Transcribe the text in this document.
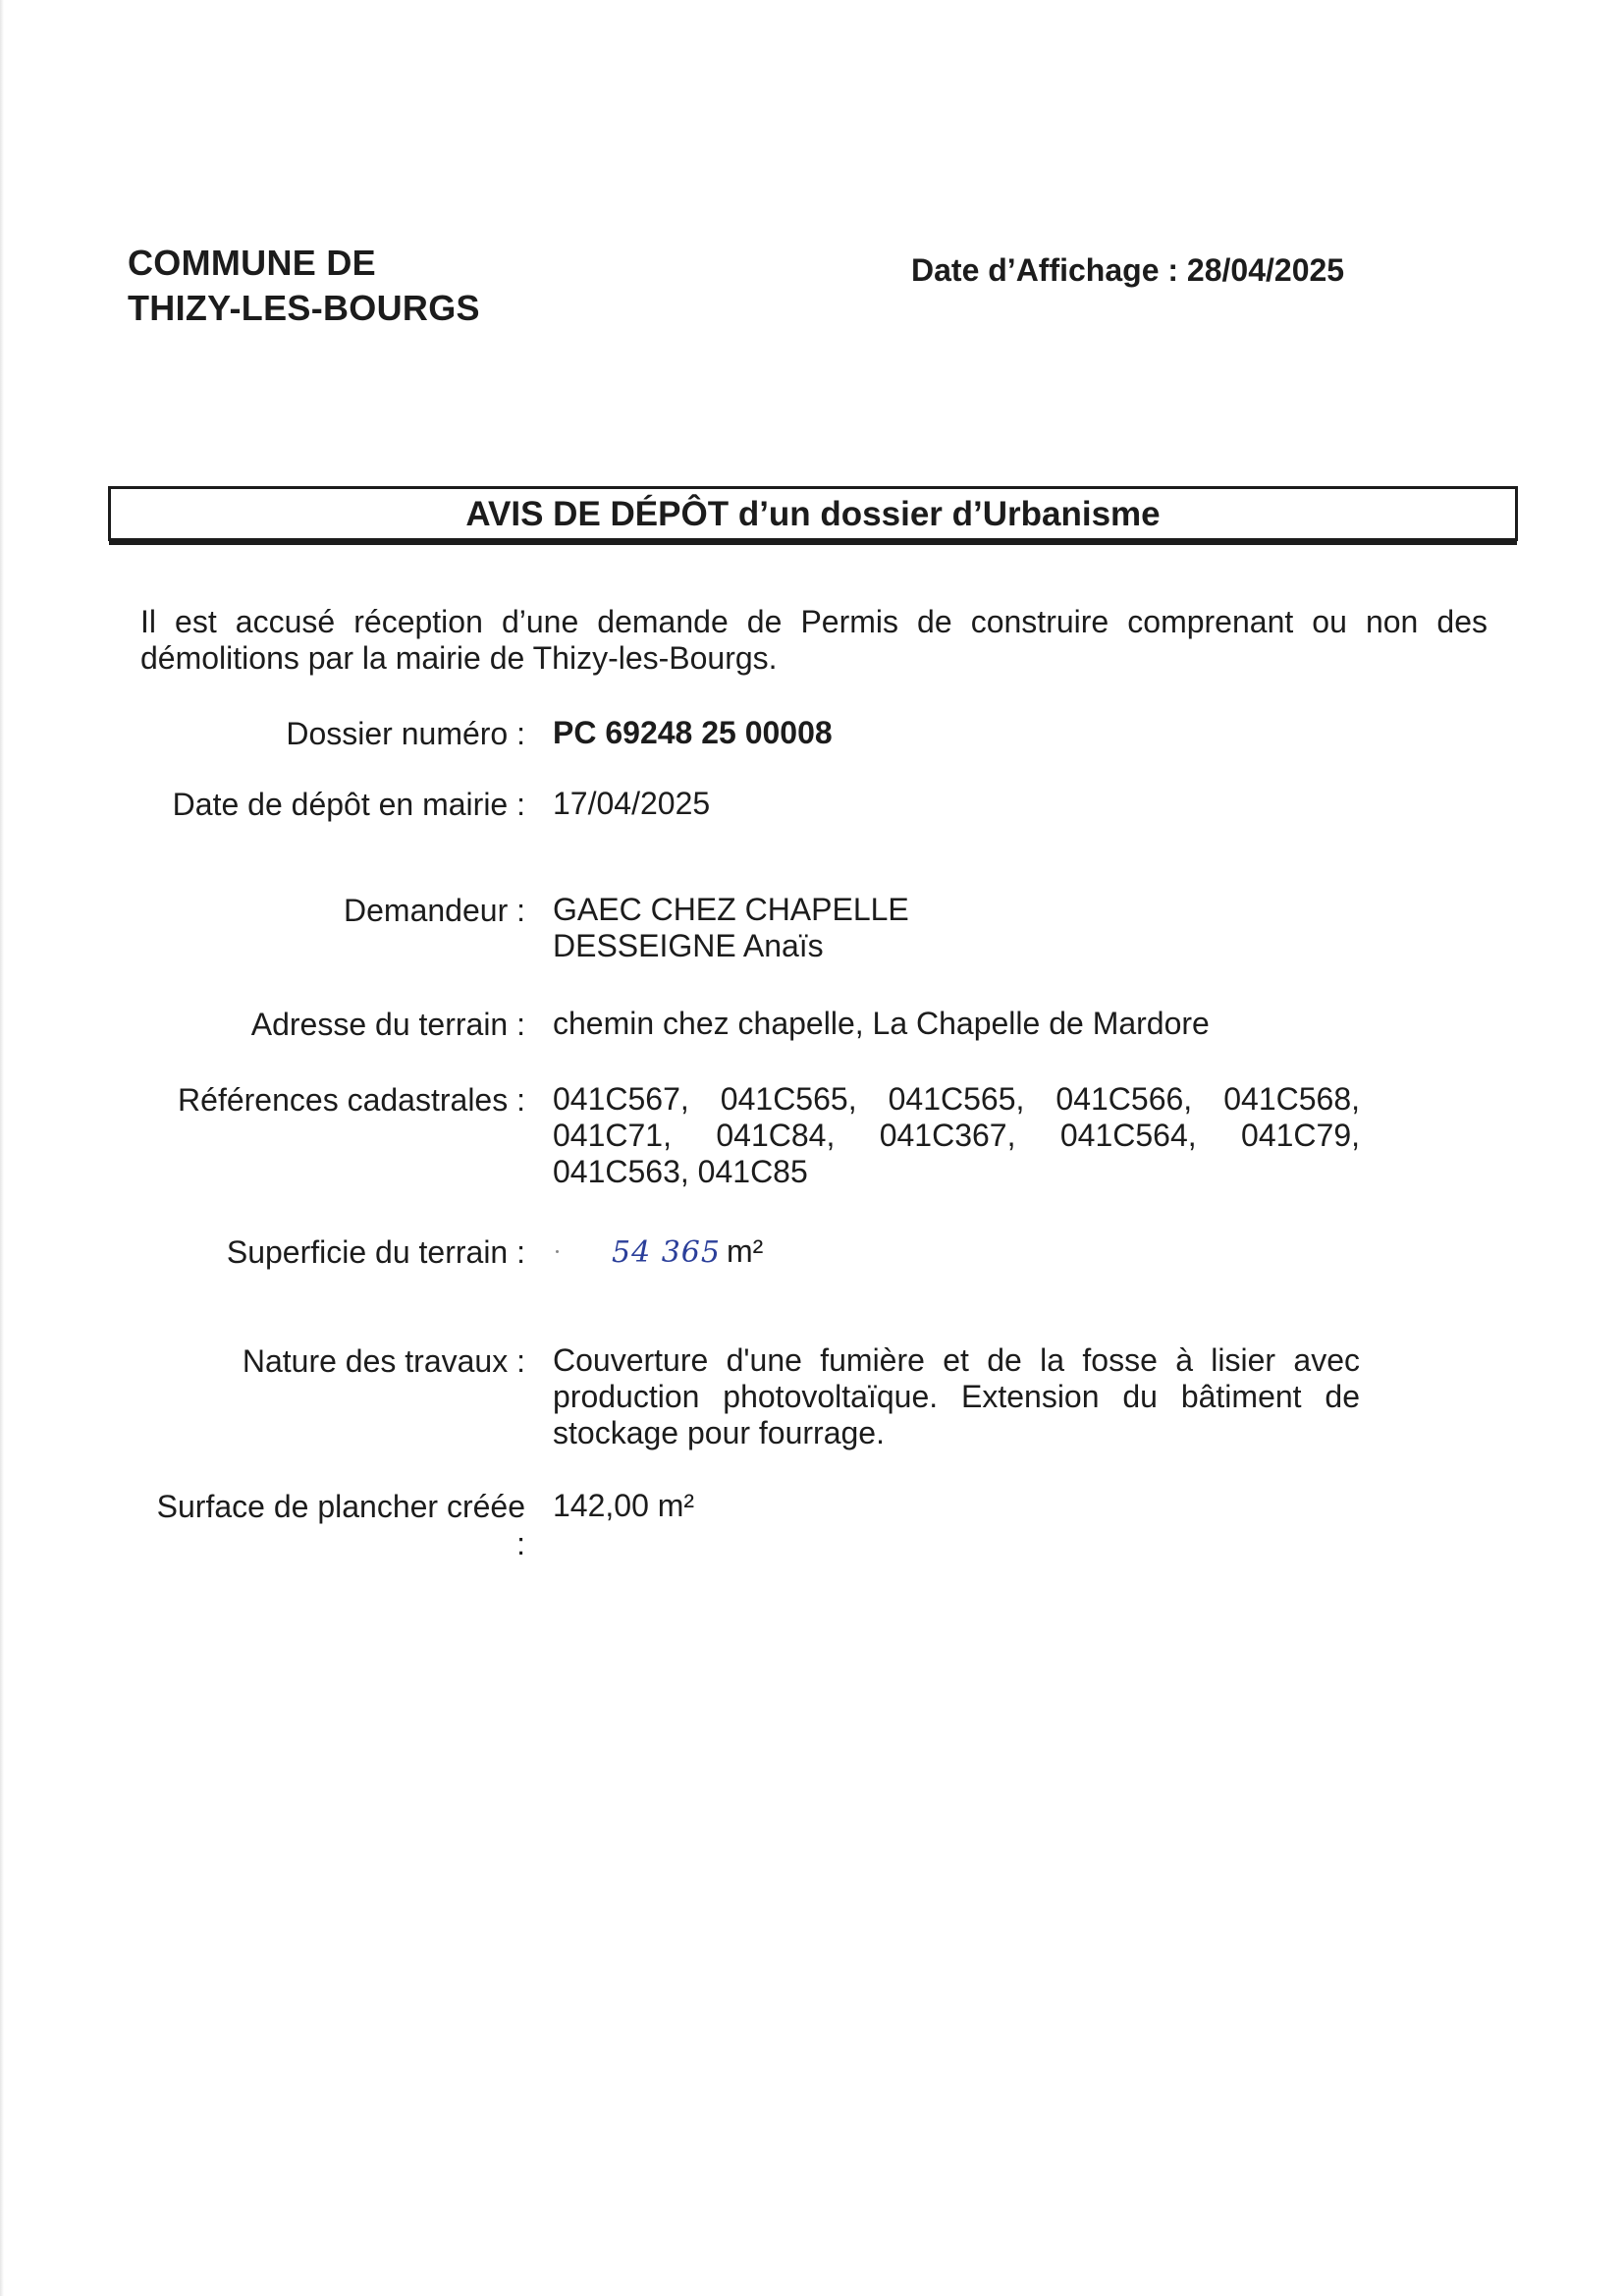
COMMUNE DE
THIZY-LES-BOURGS
Date d’Affichage : 28/04/2025
AVIS DE DÉPÔT d’un dossier d’Urbanisme
Il est accusé réception d’une demande de Permis de construire comprenant ou non des démolitions par la mairie de Thizy-les-Bourgs.
Dossier numéro : PC 69248 25 00008
Date de dépôt en mairie : 17/04/2025
Demandeur : GAEC CHEZ CHAPELLE
DESSEIGNE Anaïs
Adresse du terrain : chemin chez chapelle, La Chapelle de Mardore
Références cadastrales : 041C567, 041C565, 041C565, 041C566, 041C568, 041C71, 041C84, 041C367, 041C564, 041C79, 041C563, 041C85
Superficie du terrain :	54 365 m²
Nature des travaux : Couverture d'une fumière et de la fosse à lisier avec production photovoltaïque. Extension du bâtiment de stockage pour fourrage.
Surface de plancher créée
:
142,00 m²
